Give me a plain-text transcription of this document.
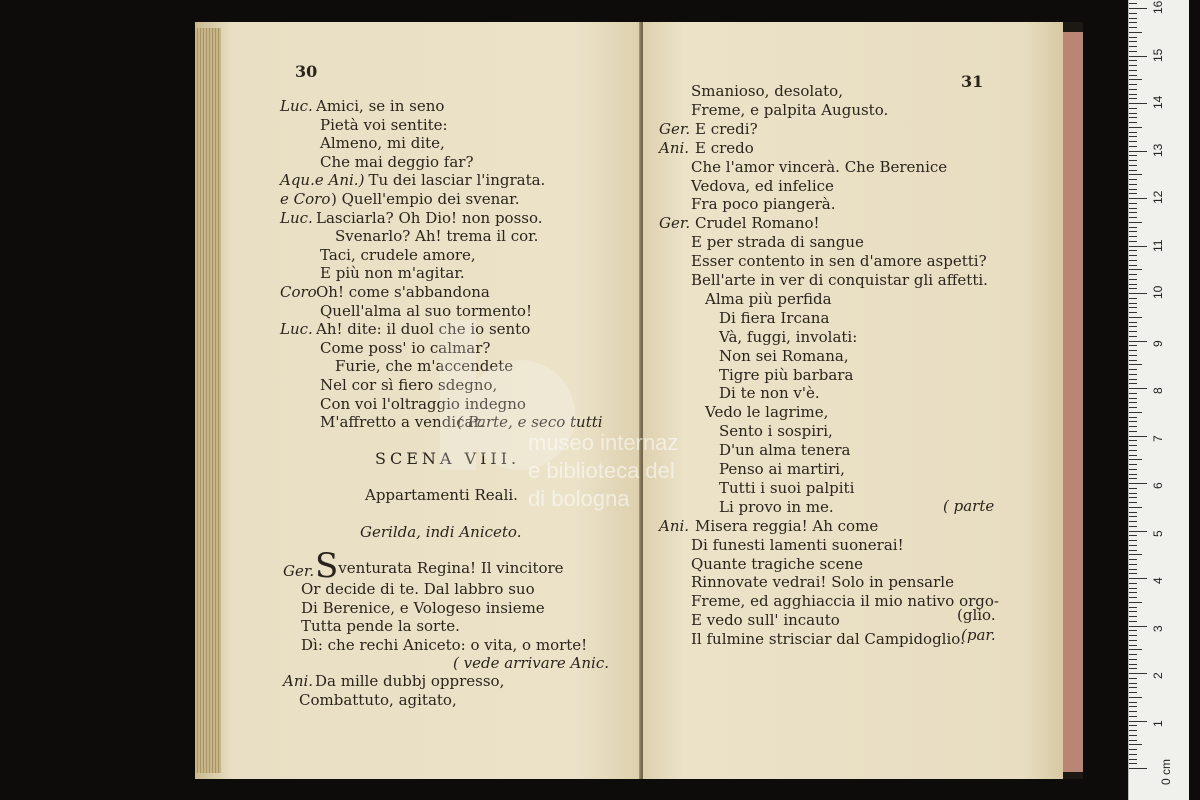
30
Luc. Amici, se in seno
Pietà voi sentite:
Almeno, mi dite,
Che mai deggio far?
Aqu.e Ani.) Tu dei lasciar l'ingrata.
e Coro ) Quell'empio dei svenar.
Luc. Lasciarla? Oh Dio! non posso.
Svenarlo? Ah! trema il cor.
Taci, crudele amore,
E più non m'agitar.
Coro Oh! come s'abbandona
Quell'alma al suo tormento!
Luc. Ah! dite: il duol che io sento
Come poss' io calmar?
Furie, che m'accendete
Nel cor sì fiero sdegno,
Con voi l'oltraggio indegno
M'affretto a vendicar.
( Parte, e seco tutti
SCENA VIII.
Appartamenti Reali.
Gerilda, indi Aniceto.
Ger. Sventurata Regina! Il vincitore
Or decide di te. Dal labbro suo
Di Berenice, e Vologeso insieme
Tutta pende la sorte.
Dì: che rechi Aniceto: o vita, o morte!
( vede arrivare Anic.
Ani. Da mille dubbj oppresso,
Combattuto, agitato,
31
Smanioso, desolato,
Freme, e palpita Augusto.
Ger. E credi?
Ani. E credo
Che l'amor vincerà. Che Berenice
Vedova, ed infelice
Fra poco piangerà.
Ger. Crudel Romano!
E per strada di sangue
Esser contento in sen d'amore aspetti?
Bell'arte in ver di conquistar gli affetti.
Alma più perfida
Di fiera Ircana
Và, fuggi, involati:
Non sei Romana,
Tigre più barbara
Di te non v'è.
Vedo le lagrime,
Sento i sospiri,
D'un alma tenera
Penso ai martiri,
Tutti i suoi palpiti
Li provo in me.
Ani. Misera reggia! Ah come
Di funesti lamenti suonerai!
Quante tragiche scene
Rinnovate vedrai! Solo in pensarle
Freme, ed agghiaccia il mio nativo orgo-
E vedo sull' incauto
Il fulmine strisciar dal Campidoglio.
( parte
(glio.
(par.
museo internaz
e biblioteca del
di bologna
1
2
3
4
5
6
7
8
9
10
11
12
13
14
15
16
0 cm
